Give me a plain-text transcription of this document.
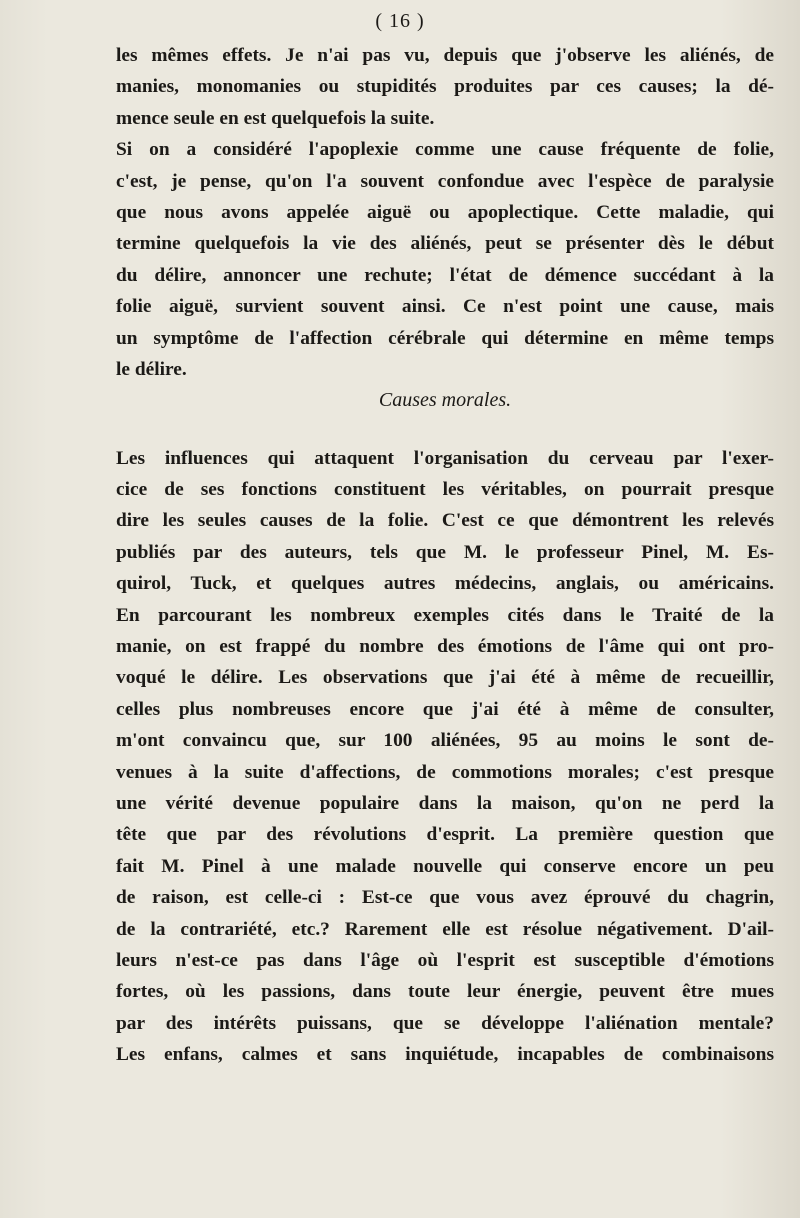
( 16 )
les mêmes effets. Je n'ai pas vu, depuis que j'observe les aliénés, de
manies, monomanies ou stupidités produites par ces causes; la dé-
mence seule en est quelquefois la suite.
Si on a considéré l'apoplexie comme une cause fréquente de folie,
c'est, je pense, qu'on l'a souvent confondue avec l'espèce de paralysie
que nous avons appelée aiguë ou apoplectique. Cette maladie, qui
termine quelquefois la vie des aliénés, peut se présenter dès le début
du délire, annoncer une rechute; l'état de démence succédant à la
folie aiguë, survient souvent ainsi. Ce n'est point une cause, mais
un symptôme de l'affection cérébrale qui détermine en même temps
le délire.
Causes morales.
Les influences qui attaquent l'organisation du cerveau par l'exer-
cice de ses fonctions constituent les véritables, on pourrait presque
dire les seules causes de la folie. C'est ce que démontrent les relevés
publiés par des auteurs, tels que M. le professeur Pinel, M. Es-
quirol, Tuck, et quelques autres médecins, anglais, ou américains.
En parcourant les nombreux exemples cités dans le Traité de la
manie, on est frappé du nombre des émotions de l'âme qui ont pro-
voqué le délire. Les observations que j'ai été à même de recueillir,
celles plus nombreuses encore que j'ai été à même de consulter,
m'ont convaincu que, sur 100 aliénées, 95 au moins le sont de-
venues à la suite d'affections, de commotions morales; c'est presque
une vérité devenue populaire dans la maison, qu'on ne perd la
tête que par des révolutions d'esprit. La première question que
fait M. Pinel à une malade nouvelle qui conserve encore un peu
de raison, est celle-ci : Est-ce que vous avez éprouvé du chagrin,
de la contrariété, etc.? Rarement elle est résolue négativement. D'ail-
leurs n'est-ce pas dans l'âge où l'esprit est susceptible d'émotions
fortes, où les passions, dans toute leur énergie, peuvent être mues
par des intérêts puissans, que se développe l'aliénation mentale?
Les enfans, calmes et sans inquiétude, incapables de combinaisons
